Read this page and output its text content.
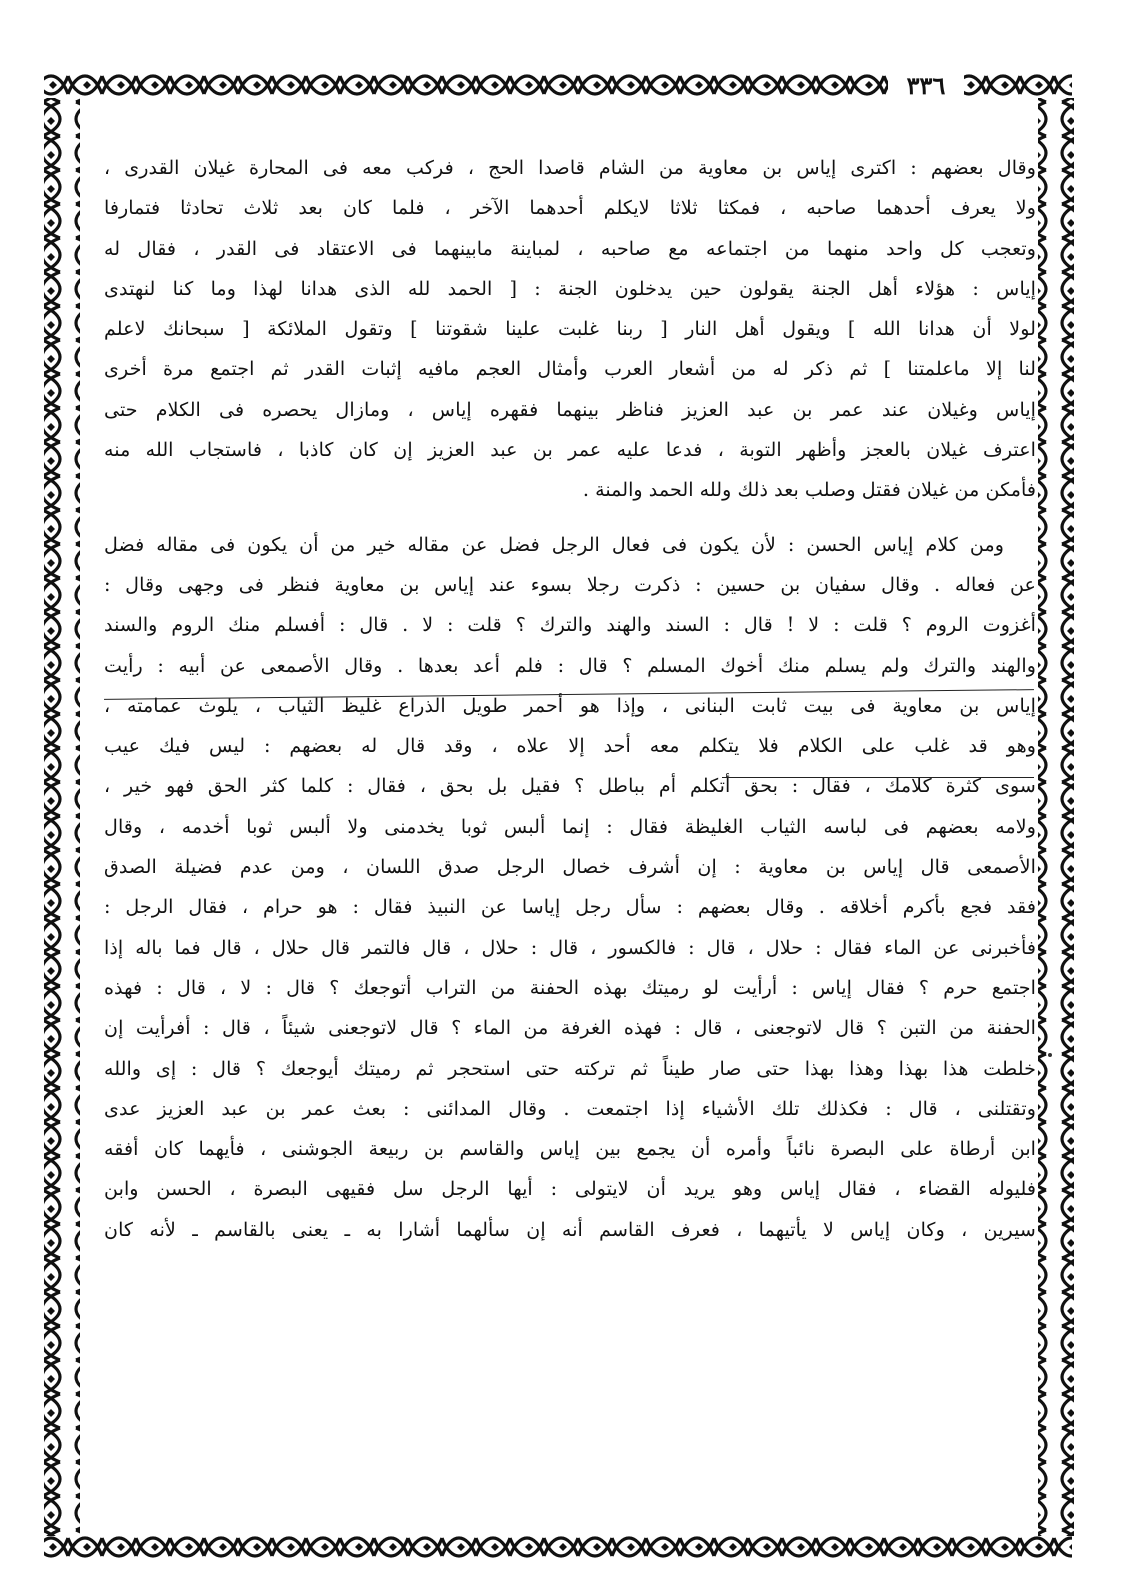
٣٣٦
وقال بعضهم : اكترى إياس بن معاوية من الشام قاصدا الحج ، فركب معه فى المحارة غيلان القدرى ،
ولا يعرف أحدهما صاحبه ، فمكثا ثلاثا لايكلم أحدهما الآخر ، فلما كان بعد ثلاث تحادثا فتمارفا
وتعجب كل واحد منهما من اجتماعه مع صاحبه ، لمباينة مابينهما فى الاعتقاد فى القدر ، فقال له
إياس : هؤلاء أهل الجنة يقولون حين يدخلون الجنة : [ الحمد لله الذى هدانا لهذا وما كنا لنهتدى
لولا أن هدانا الله ] ويقول أهل النار [ ربنا غلبت علينا شقوتنا ] وتقول الملائكة [ سبحانك لاعلم
لنا إلا ماعلمتنا ] ثم ذكر له من أشعار العرب وأمثال العجم مافيه إثبات القدر ثم اجتمع مرة أخرى
إياس وغيلان عند عمر بن عبد العزيز فناظر بينهما فقهره إياس ، ومازال يحصره فى الكلام حتى
اعترف غيلان بالعجز وأظهر التوبة ، فدعا عليه عمر بن عبد العزيز إن كان كاذبا ، فاستجاب الله منه
فأمكن من غيلان فقتل وصلب بعد ذلك ولله الحمد والمنة .
ومن كلام إياس الحسن : لأن يكون فى فعال الرجل فضل عن مقاله خير من أن يكون فى مقاله فضل
عن فعاله . وقال سفيان بن حسين : ذكرت رجلا بسوء عند إياس بن معاوية فنظر فى وجهى وقال :
أغزوت الروم ؟ قلت : لا ! قال : السند والهند والترك ؟ قلت : لا . قال : أفسلم منك الروم والسند
والهند والترك ولم يسلم منك أخوك المسلم ؟ قال : فلم أعد بعدها . وقال الأصمعى عن أبيه : رأيت
إياس بن معاوية فى بيت ثابت البنانى ، وإذا هو أحمر طويل الذراع غليظ الثياب ، يلوث عمامته ،
وهو قد غلب على الكلام فلا يتكلم معه أحد إلا علاه ، وقد قال له بعضهم : ليس فيك عيب
سوى كثرة كلامك ، فقال : بحق أتكلم أم بباطل ؟ فقيل بل بحق ، فقال : كلما كثر الحق فهو خير ،
ولامه بعضهم فى لباسه الثياب الغليظة فقال : إنما ألبس ثوبا يخدمنى ولا ألبس ثوبا أخدمه ، وقال
الأصمعى قال إياس بن معاوية : إن أشرف خصال الرجل صدق اللسان ، ومن عدم فضيلة الصدق
فقد فجع بأكرم أخلاقه . وقال بعضهم : سأل رجل إياسا عن النبيذ فقال : هو حرام ، فقال الرجل :
فأخبرنى عن الماء فقال : حلال ، قال : فالكسور ، قال : حلال ، قال فالتمر قال حلال ، قال فما باله إذا
اجتمع حرم ؟ فقال إياس : أرأيت لو رميتك بهذه الحفنة من التراب أتوجعك ؟ قال : لا ، قال : فهذه
الحفنة من التبن ؟ قال لاتوجعنى ، قال : فهذه الغرفة من الماء ؟ قال لاتوجعنى شيئاً ، قال : أفرأيت إن
خلطت هذا بهذا وهذا بهذا حتى صار طيناً ثم تركته حتى استحجر ثم رميتك أيوجعك ؟ قال : إى والله
وتقتلنى ، قال : فكذلك تلك الأشياء إذا اجتمعت . وقال المدائنى : بعث عمر بن عبد العزيز عدى
ابن أرطاة على البصرة نائباً وأمره أن يجمع بين إياس والقاسم بن ربيعة الجوشنى ، فأيهما كان أفقه
فليوله القضاء ، فقال إياس وهو يريد أن لايتولى : أيها الرجل سل فقيهى البصرة ، الحسن وابن
سيرين ، وكان إياس لا يأتيهما ، فعرف القاسم أنه إن سألهما أشارا به ـ يعنى بالقاسم ـ لأنه كان
